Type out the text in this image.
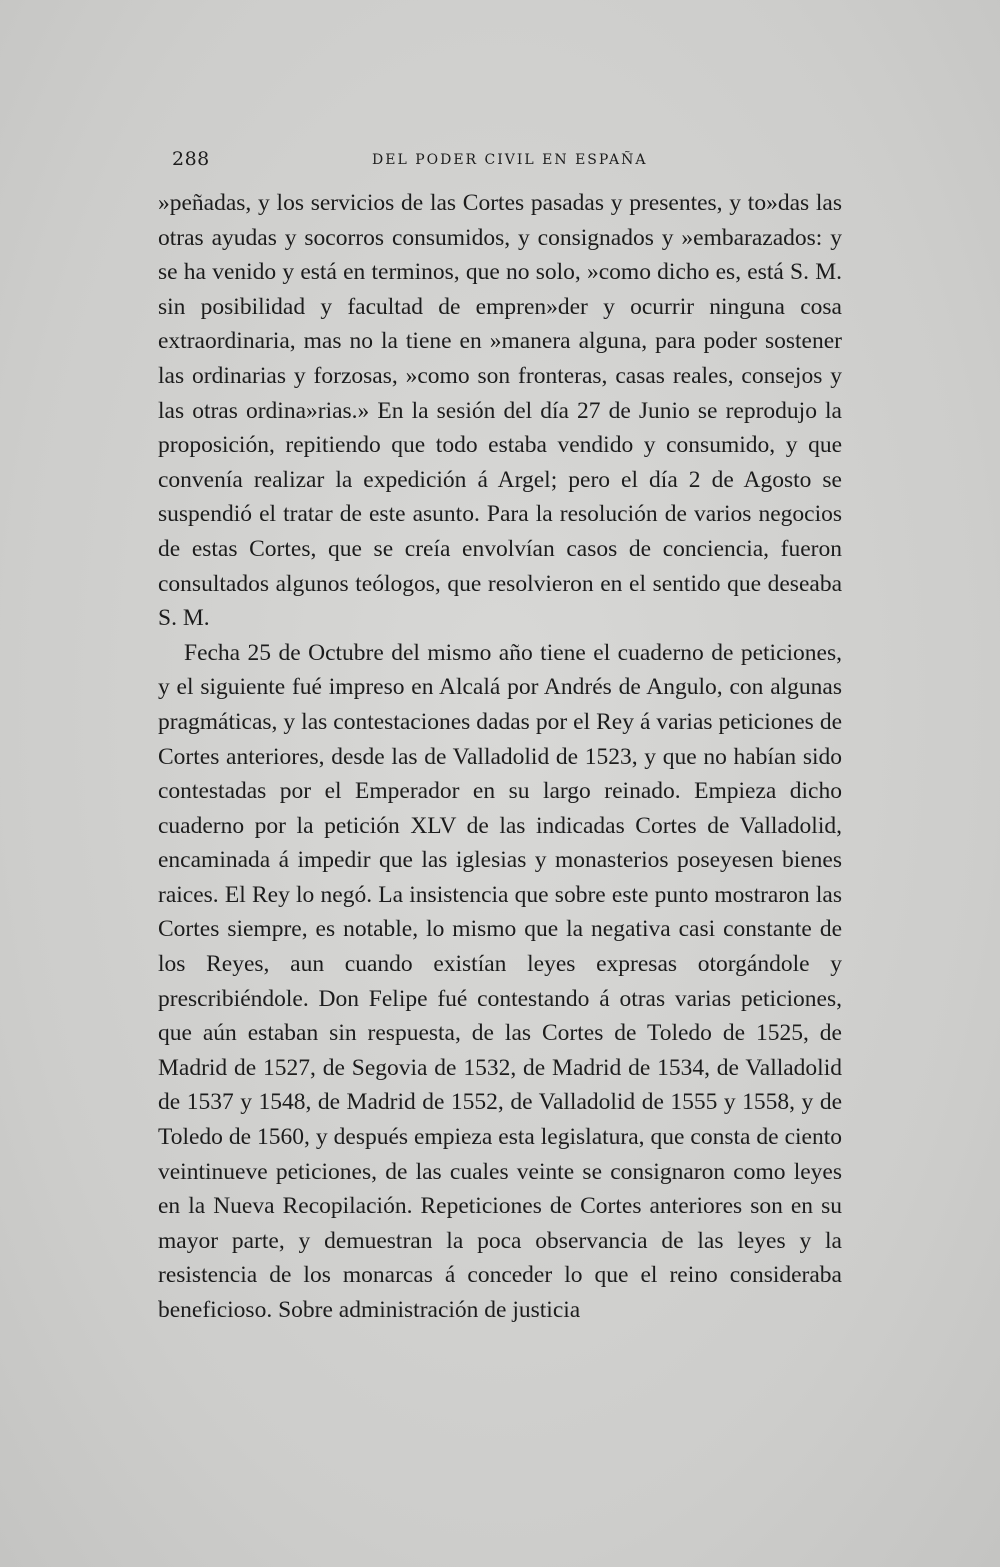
288	DEL PODER CIVIL EN ESPAÑA

»peñadas, y los servicios de las Cortes pasadas y presentes, y to»das las otras ayudas y socorros consumidos, y consignados y »embarazados: y se ha venido y está en terminos, que no solo, »como dicho es, está S. M. sin posibilidad y facultad de empren»der y ocurrir ninguna cosa extraordinaria, mas no la tiene en »manera alguna, para poder sostener las ordinarias y forzosas, »como son fronteras, casas reales, consejos y las otras ordina»rias.» En la sesión del día 27 de Junio se reprodujo la proposición, repitiendo que todo estaba vendido y consumido, y que convenía realizar la expedición á Argel; pero el día 2 de Agosto se suspendió el tratar de este asunto. Para la resolución de varios negocios de estas Cortes, que se creía envolvían casos de conciencia, fueron consultados algunos teólogos, que resolvieron en el sentido que deseaba S. M.

Fecha 25 de Octubre del mismo año tiene el cuaderno de peticiones, y el siguiente fué impreso en Alcalá por Andrés de Angulo, con algunas pragmáticas, y las contestaciones dadas por el Rey á varias peticiones de Cortes anteriores, desde las de Valladolid de 1523, y que no habían sido contestadas por el Emperador en su largo reinado. Empieza dicho cuaderno por la petición XLV de las indicadas Cortes de Valladolid, encaminada á impedir que las iglesias y monasterios poseyesen bienes raices. El Rey lo negó. La insistencia que sobre este punto mostraron las Cortes siempre, es notable, lo mismo que la negativa casi constante de los Reyes, aun cuando existían leyes expresas otorgándole y prescribiéndole. Don Felipe fué contestando á otras varias peticiones, que aún estaban sin respuesta, de las Cortes de Toledo de 1525, de Madrid de 1527, de Segovia de 1532, de Madrid de 1534, de Valladolid de 1537 y 1548, de Madrid de 1552, de Valladolid de 1555 y 1558, y de Toledo de 1560, y después empieza esta legislatura, que consta de ciento veintinueve peticiones, de las cuales veinte se consignaron como leyes en la Nueva Recopilación. Repeticiones de Cortes anteriores son en su mayor parte, y demuestran la poca observancia de las leyes y la resistencia de los monarcas á conceder lo que el reino consideraba beneficioso. Sobre administración de justicia
